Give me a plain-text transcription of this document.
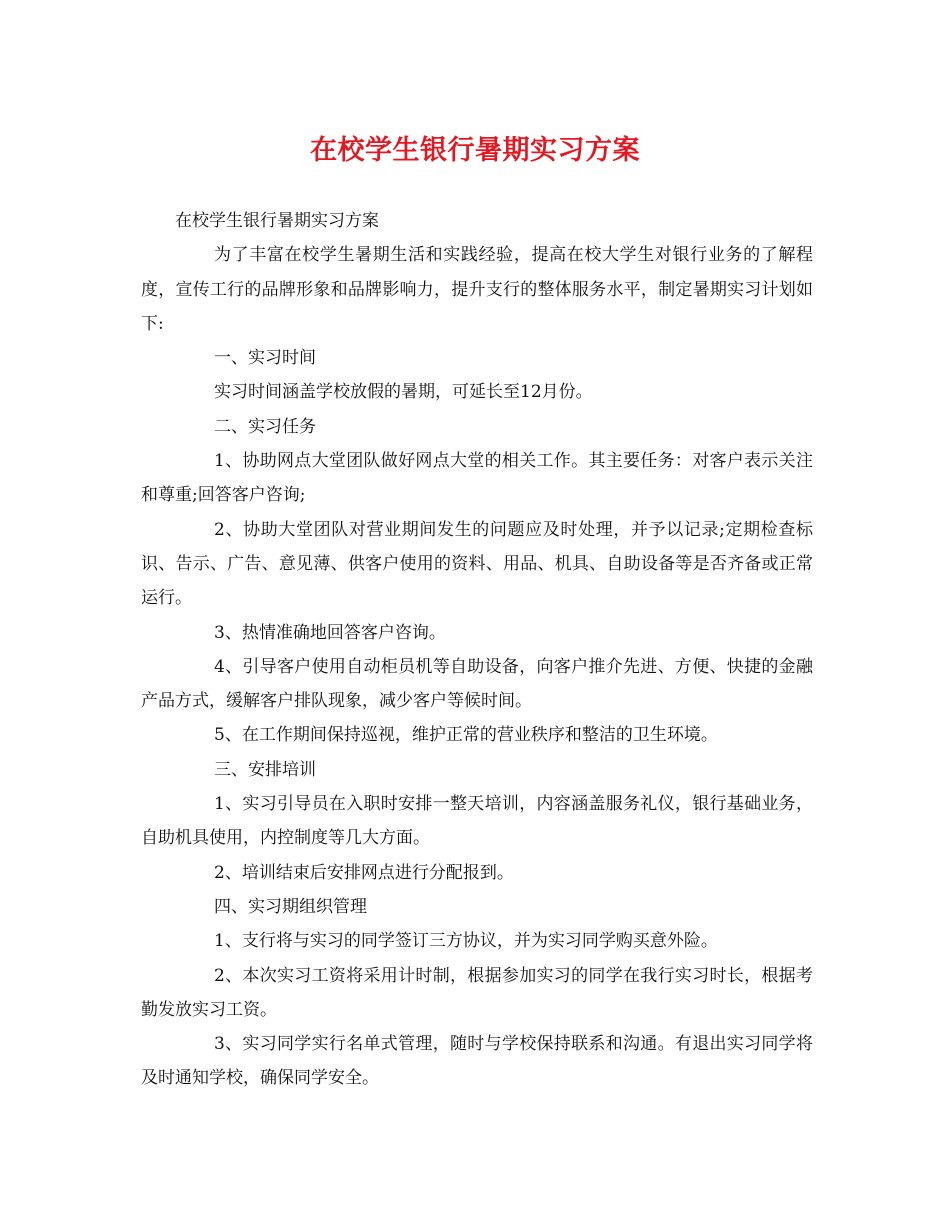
在校学生银行暑期实习方案

在校学生银行暑期实习方案

为了丰富在校学生暑期生活和实践经验，提高在校大学生对银行业务的了解程度，宣传工行的品牌形象和品牌影响力，提升支行的整体服务水平，制定暑期实习计划如下:

一、实习时间

实习时间涵盖学校放假的暑期，可延长至12月份。

二、实习任务

1、协助网点大堂团队做好网点大堂的相关工作。其主要任务：对客户表示关注和尊重;回答客户咨询;

2、协助大堂团队对营业期间发生的问题应及时处理，并予以记录;定期检查标识、告示、广告、意见薄、供客户使用的资料、用品、机具、自助设备等是否齐备或正常运行。

3、热情准确地回答客户咨询。

4、引导客户使用自动柜员机等自助设备，向客户推介先进、方便、快捷的金融产品方式，缓解客户排队现象，减少客户等候时间。

5、在工作期间保持巡视，维护正常的营业秩序和整洁的卫生环境。

三、安排培训

1、实习引导员在入职时安排一整天培训，内容涵盖服务礼仪，银行基础业务，自助机具使用，内控制度等几大方面。

2、培训结束后安排网点进行分配报到。

四、实习期组织管理

1、支行将与实习的同学签订三方协议，并为实习同学购买意外险。

2、本次实习工资将采用计时制，根据参加实习的同学在我行实习时长，根据考勤发放实习工资。

3、实习同学实行名单式管理，随时与学校保持联系和沟通。有退出实习同学将及时通知学校，确保同学安全。
